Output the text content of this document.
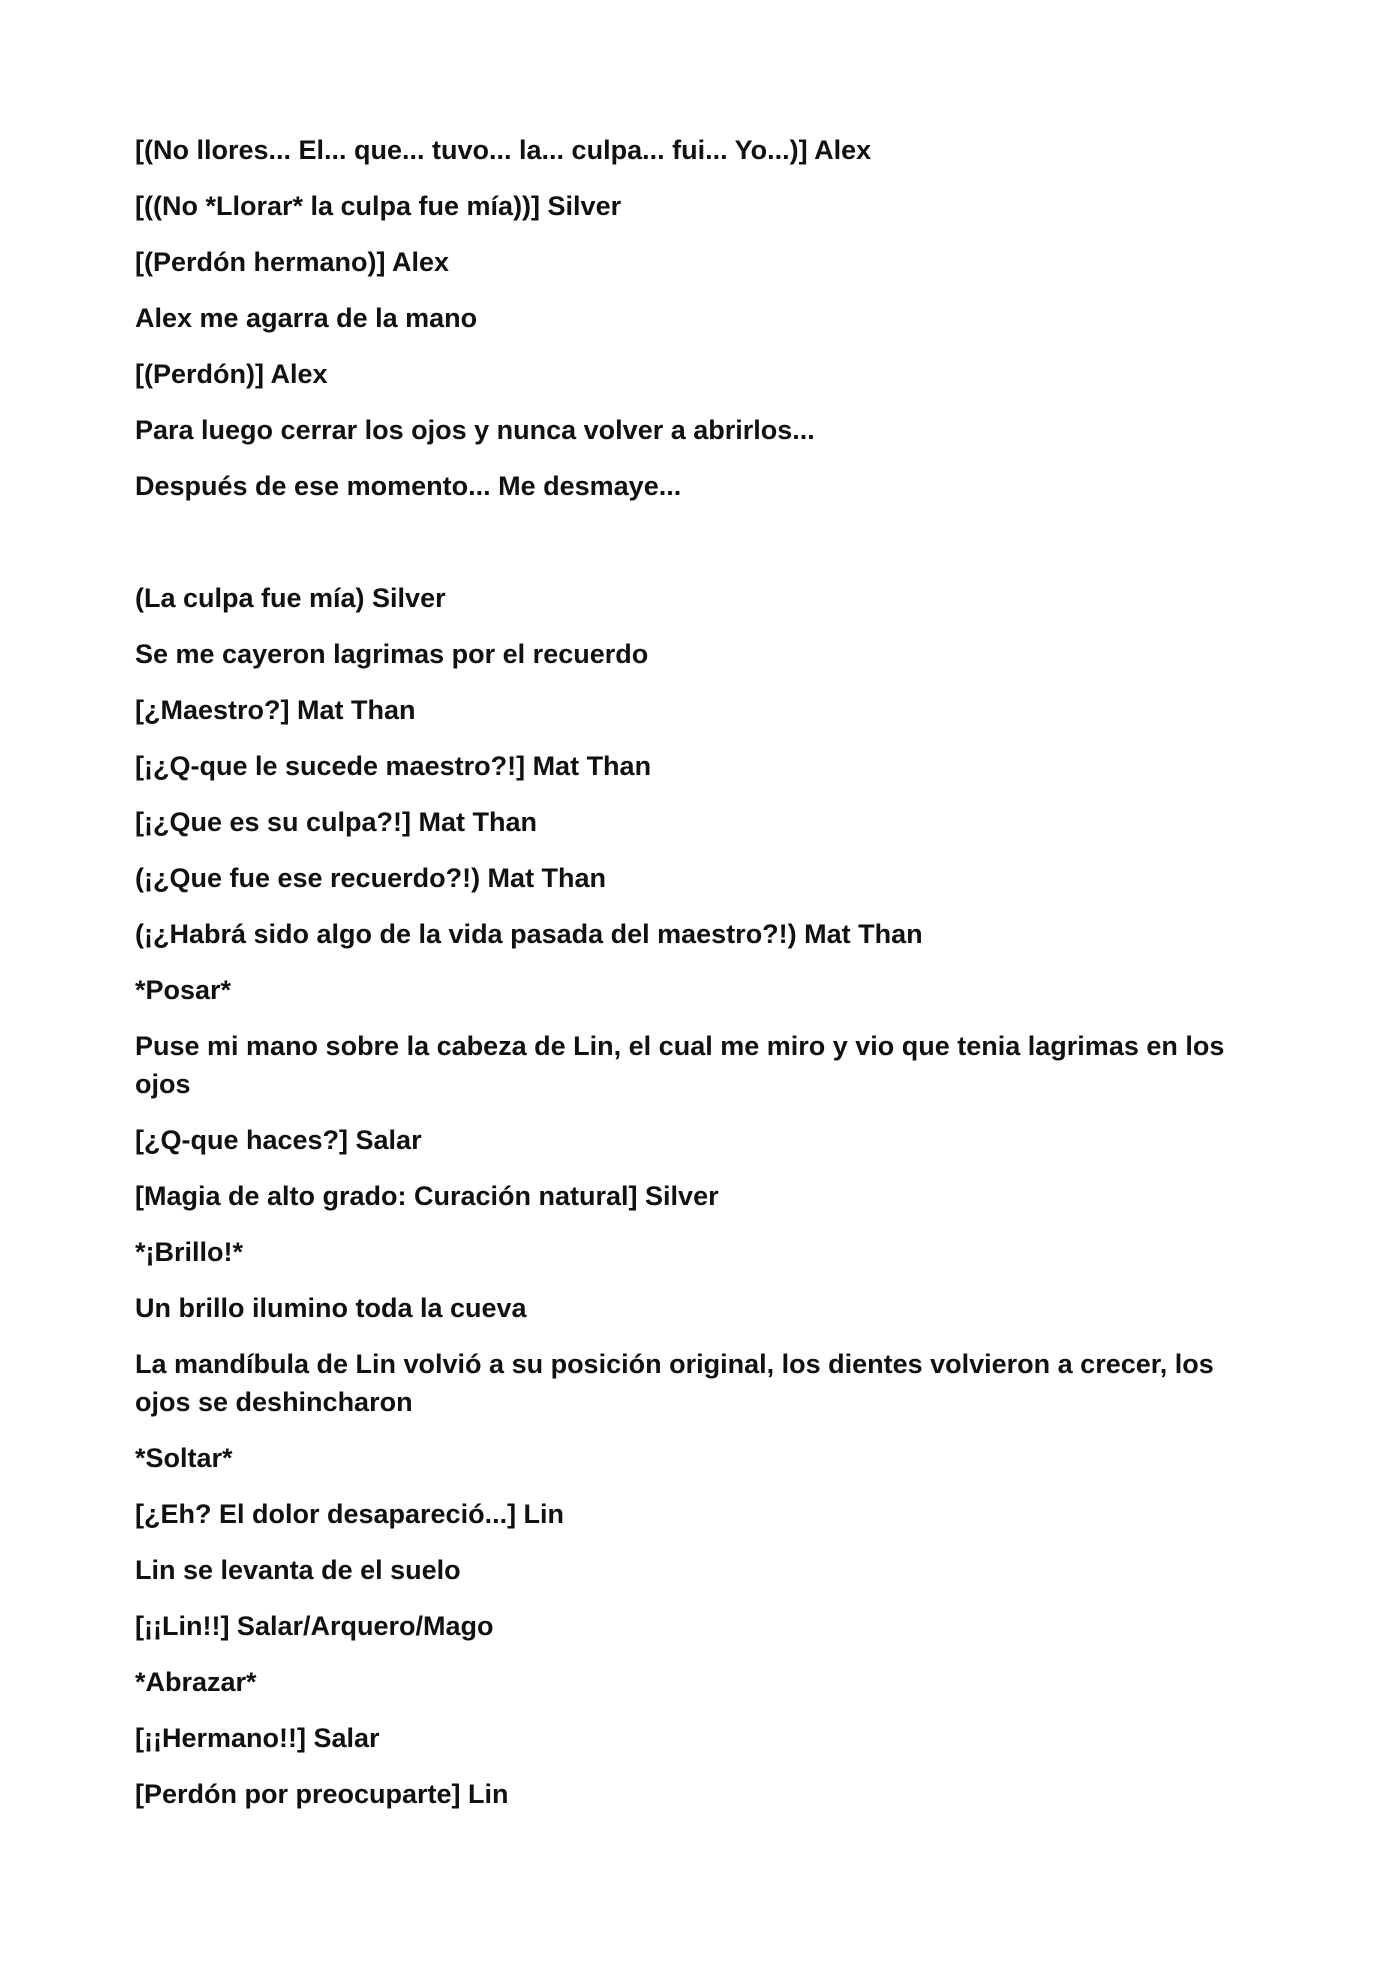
[(No llores... El... que... tuvo... la... culpa... fui... Yo...)] Alex

[((No *Llorar* la culpa fue mía))] Silver

[(Perdón hermano)] Alex

Alex me agarra de la mano

[(Perdón)] Alex

Para luego cerrar los ojos y nunca volver a abrirlos...

Después de ese momento... Me desmaye...

(La culpa fue mía) Silver

Se me cayeron lagrimas por el recuerdo

[¿Maestro?] Mat Than

[¡¿Q-que le sucede maestro?!] Mat Than

[¡¿Que es su culpa?!] Mat Than

(¡¿Que fue ese recuerdo?!) Mat Than

(¡¿Habrá sido algo de la vida pasada del maestro?!) Mat Than

*Posar*

Puse mi mano sobre la cabeza de Lin, el cual me miro y vio que tenia lagrimas en los ojos

[¿Q-que haces?] Salar

[Magia de alto grado: Curación natural] Silver

*¡Brillo!*

Un brillo ilumino toda la cueva

La mandíbula de Lin volvió a su posición original, los dientes volvieron a crecer, los ojos se deshincharon

*Soltar*

[¿Eh? El dolor desapareció...] Lin

Lin se levanta de el suelo

[¡¡Lin!!] Salar/Arquero/Mago

*Abrazar*

[¡¡Hermano!!] Salar

[Perdón por preocuparte] Lin
